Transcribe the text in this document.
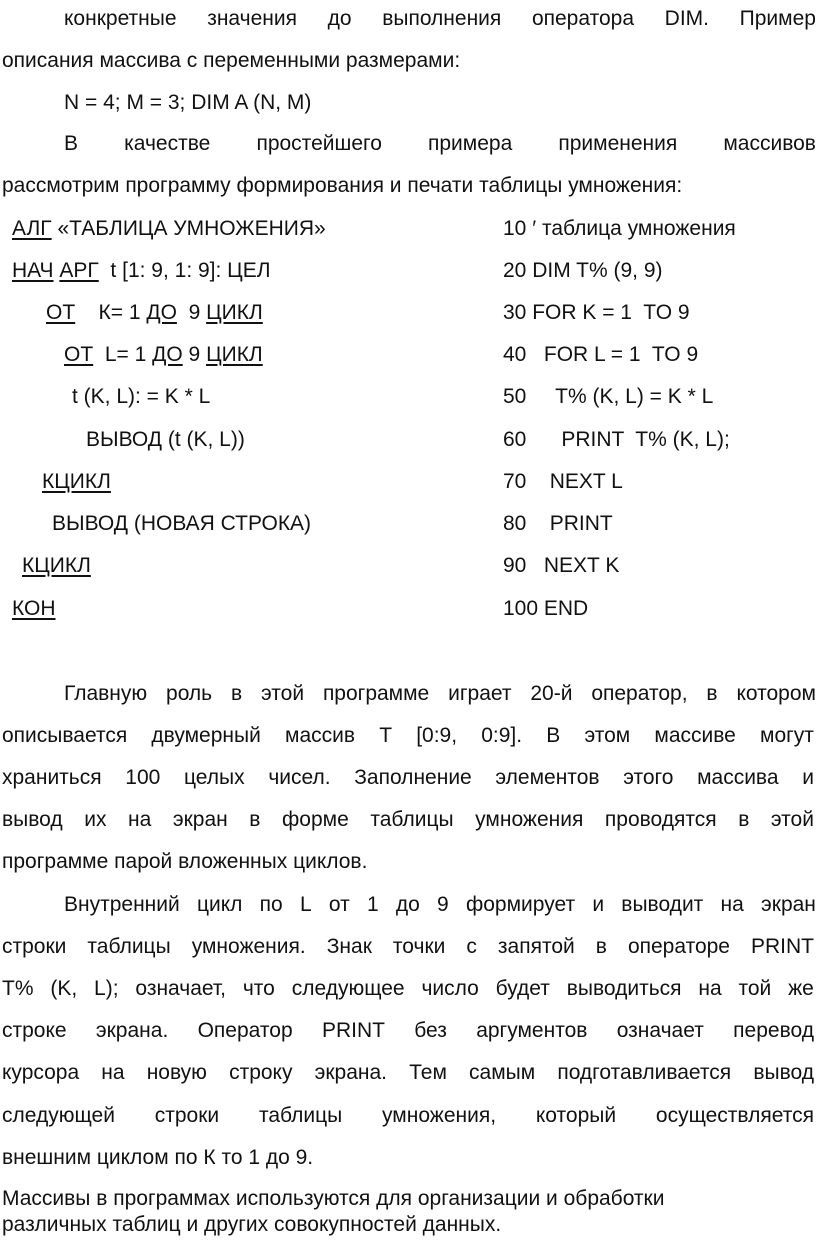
конкретные значения до выполнения оператора DIM. Пример
описания массива с переменными размерами:
N = 4; M = 3; DIM A (N, M)
В качестве простейшего примера применения массивов
рассмотрим программу формирования и печати таблицы умножения:
АЛГ «ТАБЛИЦА УМНОЖЕНИЯ»
НАЧ АРГ  t [1: 9, 1: 9]: ЦЕЛ
ОТ    К= 1 ДО  9 ЦИКЛ
ОТ  L= 1 ДО 9 ЦИКЛ
t (K, L): = K * L
ВЫВОД (t (K, L))
КЦИКЛ
ВЫВОД (НОВАЯ СТРОКА)
КЦИКЛ
КОН
10 ′ таблица умножения
20 DIM T% (9, 9)
30 FOR K = 1  TO 9
40   FOR L = 1  TO 9
50     T% (K, L) = K * L
60      PRINT  T% (K, L);
70    NEXT L
80    PRINT
90   NEXT K
100 END
Главную роль в этой программе играет 20-й оператор, в котором
описывается двумерный массив Т [0:9, 0:9]. В этом массиве могут
храниться 100 целых чисел. Заполнение элементов этого массива и
вывод их на экран в форме таблицы умножения проводятся в этой
программе парой вложенных циклов.
Внутренний цикл по L от 1 до 9 формирует и выводит на экран
строки таблицы умножения. Знак точки с запятой в операторе PRINT
T% (K, L); означает, что следующее число будет выводиться на той же
строке экрана. Оператор PRINT без аргументов означает перевод
курсора на новую строку экрана. Тем самым подготавливается вывод
следующей строки таблицы умножения, который осуществляется
внешним циклом по К то 1 до 9.
Массивы в программах используются для организации и обработки
различных таблиц и других совокупностей данных.
